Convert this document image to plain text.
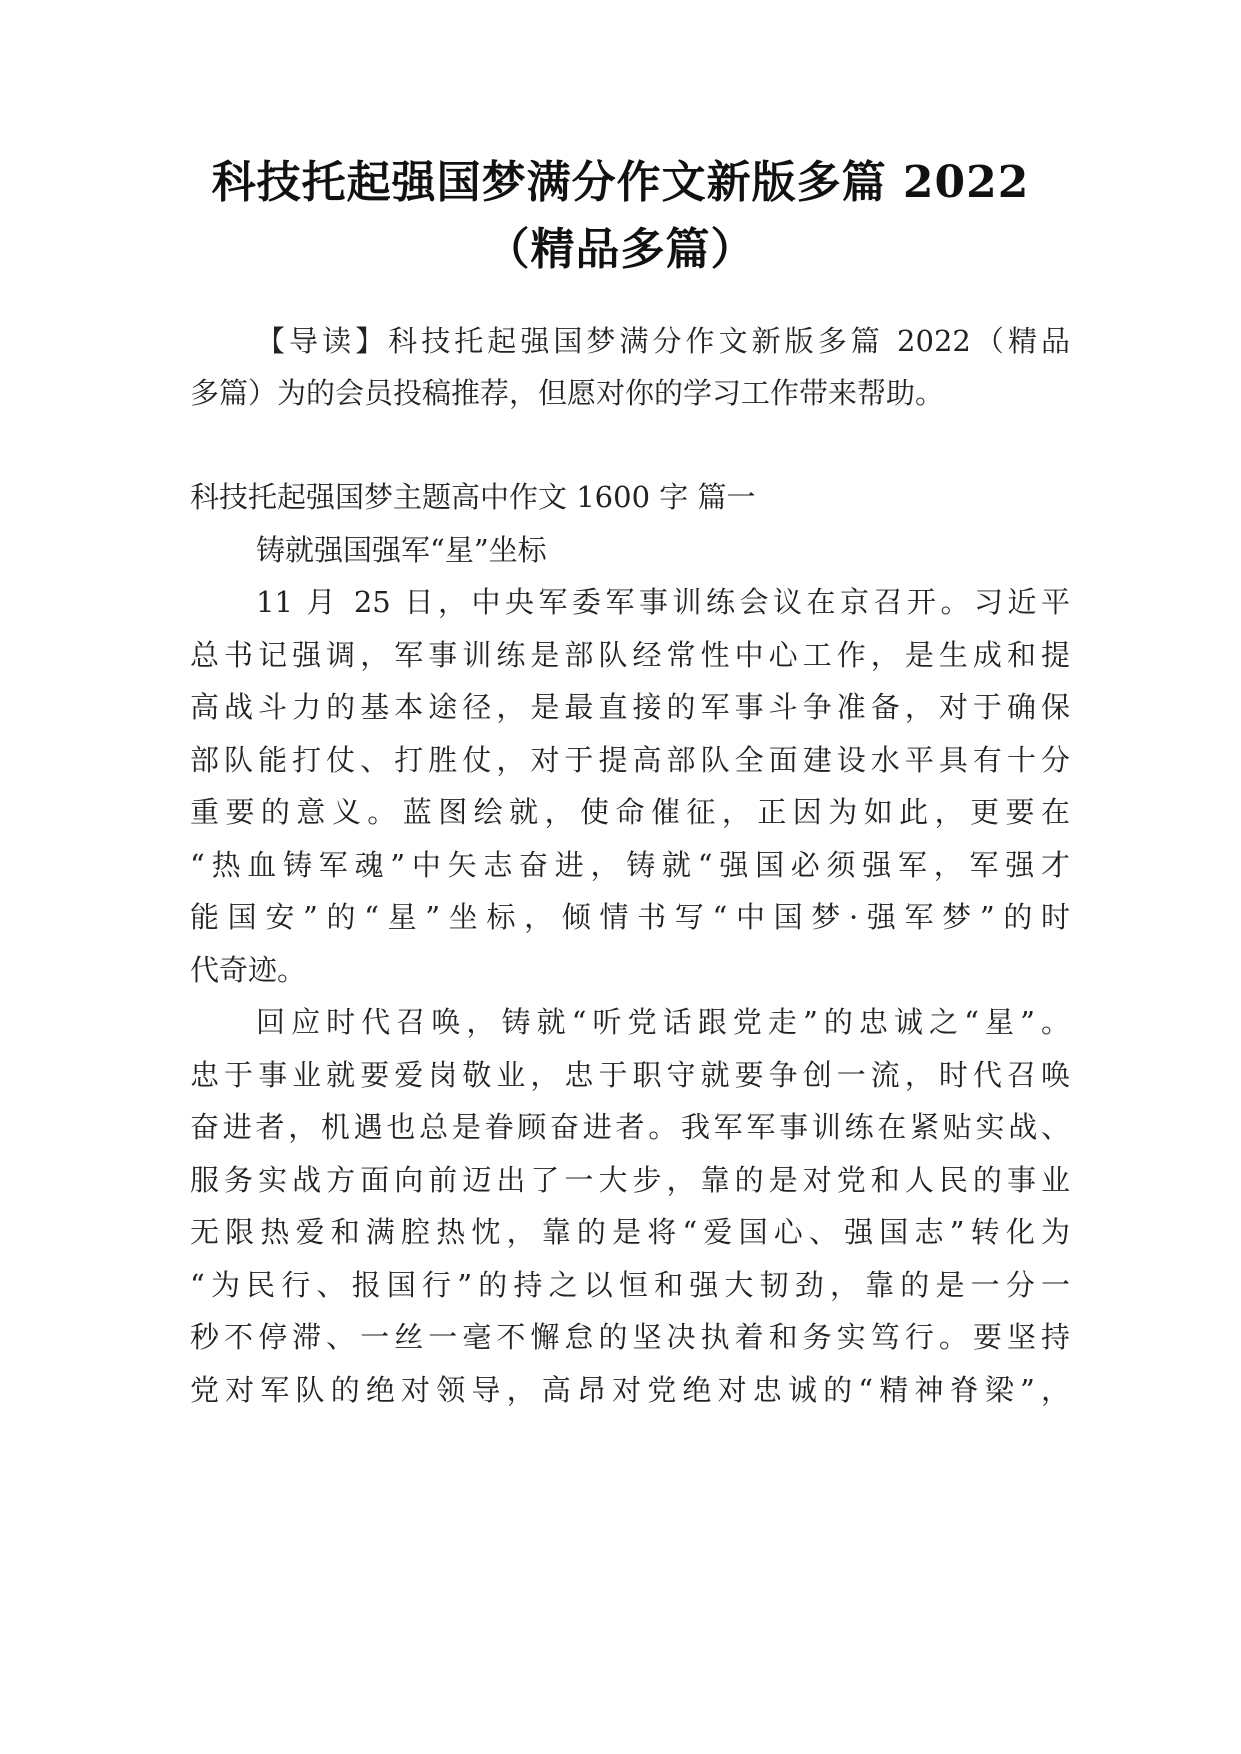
科技托起强国梦满分作文新版多篇 2022
（精品多篇）
【导读】科技托起强国梦满分作文新版多篇 2022（精品
多篇）为的会员投稿推荐，但愿对你的学习工作带来帮助。
科技托起强国梦主题高中作文 1600 字 篇一
铸就强国强军“星”坐标
11 月 25 日，中央军委军事训练会议在京召开。习近平
总书记强调，军事训练是部队经常性中心工作，是生成和提
高战斗力的基本途径，是最直接的军事斗争准备，对于确保
部队能打仗、打胜仗，对于提高部队全面建设水平具有十分
重要的意义。蓝图绘就，使命催征，正因为如此，更要在
“热血铸军魂”中矢志奋进，铸就“强国必须强军，军强才
能国安”的“星”坐标，倾情书写“中国梦·强军梦”的时
代奇迹。
回应时代召唤，铸就“听党话跟党走”的忠诚之“星”。
忠于事业就要爱岗敬业，忠于职守就要争创一流，时代召唤
奋进者，机遇也总是眷顾奋进者。我军军事训练在紧贴实战、
服务实战方面向前迈出了一大步，靠的是对党和人民的事业
无限热爱和满腔热忱，靠的是将“爱国心、强国志”转化为
“为民行、报国行”的持之以恒和强大韧劲，靠的是一分一
秒不停滞、一丝一毫不懈怠的坚决执着和务实笃行。要坚持
党对军队的绝对领导，高昂对党绝对忠诚的“精神脊梁”，
